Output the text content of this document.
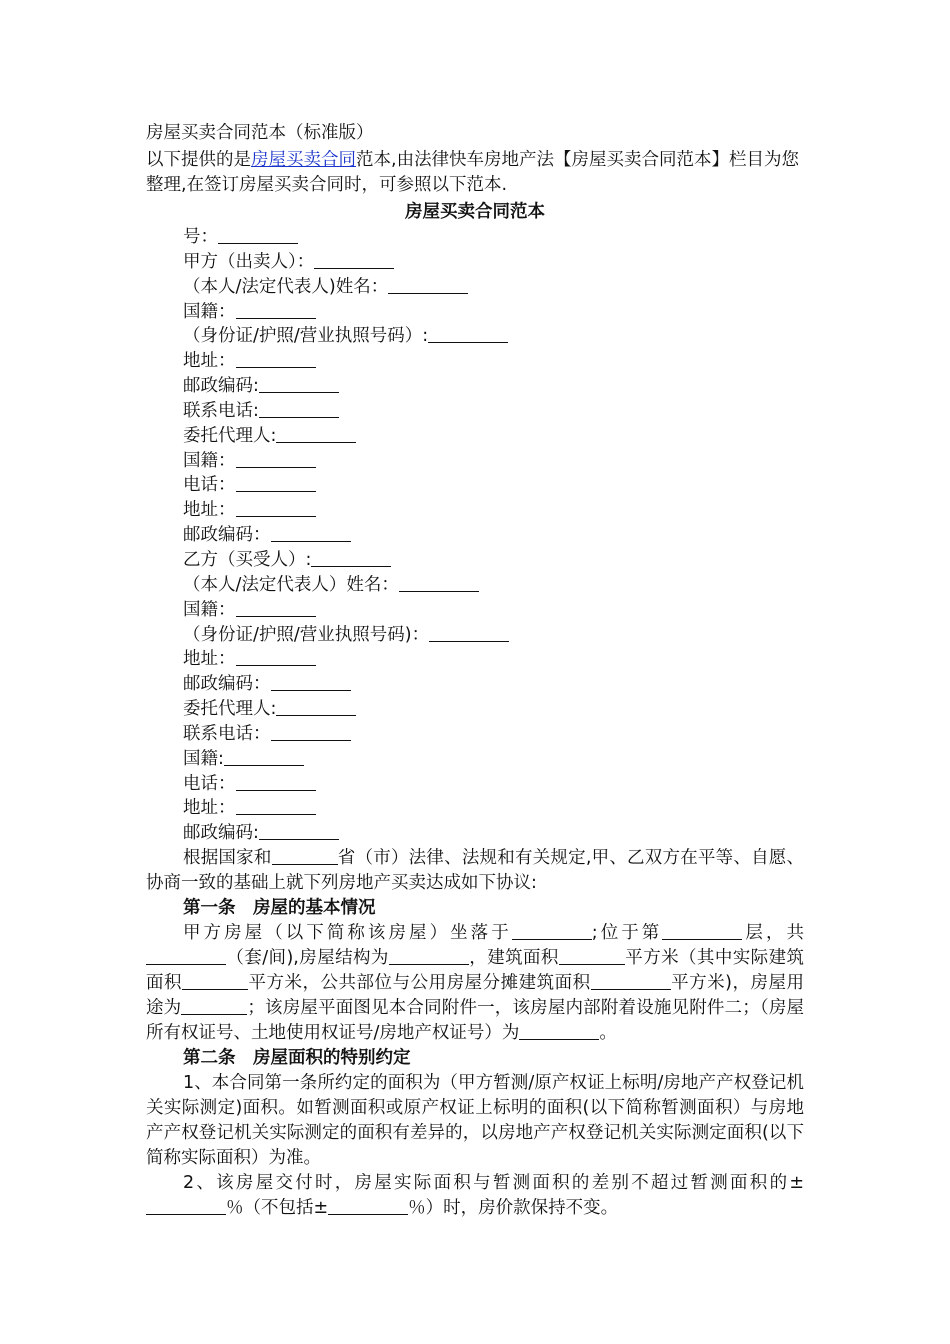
房屋买卖合同范本（标准版）

以下提供的是房屋买卖合同范本,由法律快车房地产法【房屋买卖合同范本】栏目为您整理,在签订房屋买卖合同时，可参照以下范本.

房屋买卖合同范本
号：
甲方（出卖人）：
（本人/法定代表人)姓名：
国籍：
（身份证/护照/营业执照号码）:
地址：
邮政编码:
联系电话:
委托代理人:
国籍：
电话：
地址：
邮政编码：
乙方（买受人）:
（本人/法定代表人）姓名：
国籍：
（身份证/护照/营业执照号码)：
地址：
邮政编码：
委托代理人:
联系电话：
国籍:
电话：
地址：
邮政编码:

根据国家和	省（市）法律、法规和有关规定,甲、乙双方在平等、自愿、协商一致的基础上就下列房地产买卖达成如下协议:

第一条　房屋的基本情况

甲方房屋（以下简称该房屋）坐落于	;位于第	层，共（套/间),房屋结构为	，建筑面积	平方米（其中实际建筑面积	平方米，公共部位与公用房屋分摊建筑面积	平方米)，房屋用途为	；该房屋平面图见本合同附件一，该房屋内部附着设施见附件二；（房屋所有权证号、土地使用权证号/房地产权证号）为	。

第二条　房屋面积的特别约定

1、本合同第一条所约定的面积为（甲方暂测/原产权证上标明/房地产产权登记机关实际测定)面积。如暂测面积或原产权证上标明的面积(以下简称暂测面积）与房地产产权登记机关实际测定的面积有差异的，以房地产产权登记机关实际测定面积(以下简称实际面积）为准。

2、该房屋交付时，房屋实际面积与暂测面积的差别不超过暂测面积的±％（不包括±	％）时，房价款保持不变。
